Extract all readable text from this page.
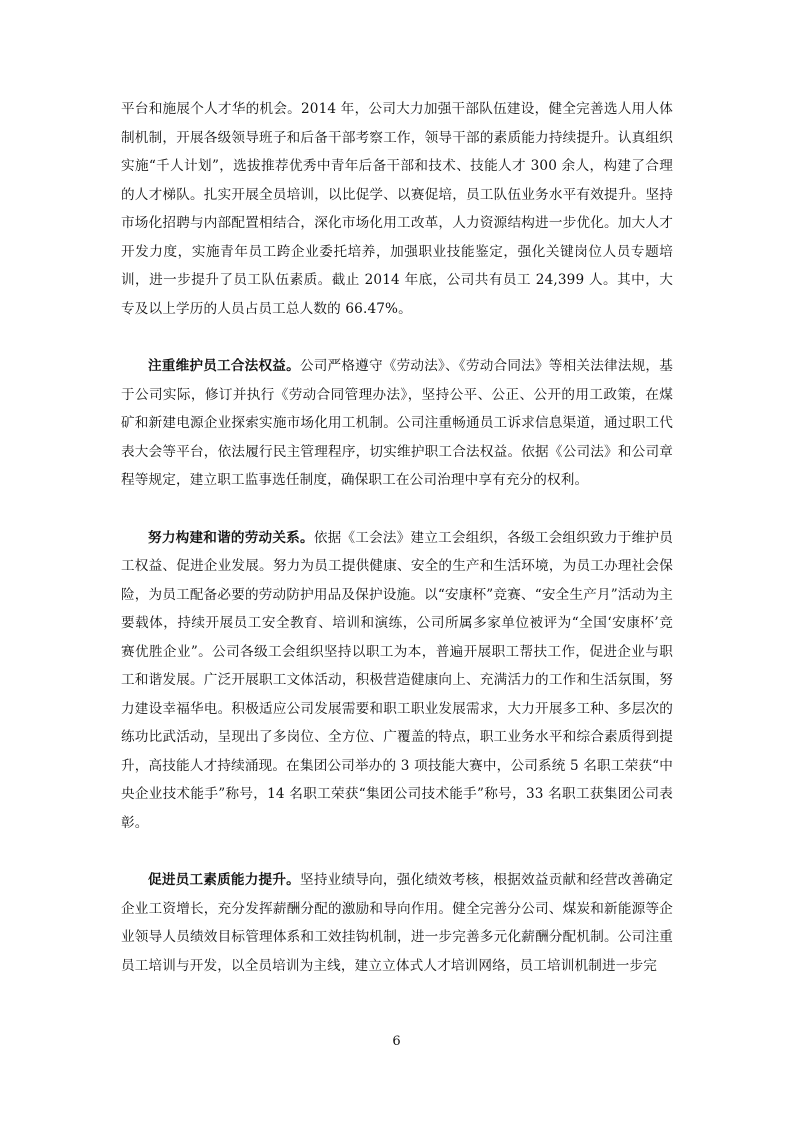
平台和施展个人才华的机会。2014 年，公司大力加强干部队伍建设，健全完善选人用人体制机制，开展各级领导班子和后备干部考察工作，领导干部的素质能力持续提升。认真组织实施“千人计划”，选拔推荐优秀中青年后备干部和技术、技能人才 300 余人，构建了合理的人才梯队。扎实开展全员培训，以比促学、以赛促培，员工队伍业务水平有效提升。坚持市场化招聘与内部配置相结合，深化市场化用工改革，人力资源结构进一步优化。加大人才开发力度，实施青年员工跨企业委托培养，加强职业技能鉴定，强化关键岗位人员专题培训，进一步提升了员工队伍素质。截止 2014 年底，公司共有员工 24,399 人。其中，大专及以上学历的人员占员工总人数的 66.47%。

注重维护员工合法权益。公司严格遵守《劳动法》、《劳动合同法》等相关法律法规，基于公司实际，修订并执行《劳动合同管理办法》，坚持公平、公正、公开的用工政策，在煤矿和新建电源企业探索实施市场化用工机制。公司注重畅通员工诉求信息渠道，通过职工代表大会等平台，依法履行民主管理程序，切实维护职工合法权益。依据《公司法》和公司章程等规定，建立职工监事选任制度，确保职工在公司治理中享有充分的权利。

努力构建和谐的劳动关系。依据《工会法》建立工会组织，各级工会组织致力于维护员工权益、促进企业发展。努力为员工提供健康、安全的生产和生活环境，为员工办理社会保险，为员工配备必要的劳动防护用品及保护设施。以“安康杯”竞赛、“安全生产月”活动为主要载体，持续开展员工安全教育、培训和演练，公司所属多家单位被评为“全国‘安康杯’竞赛优胜企业”。公司各级工会组织坚持以职工为本，普遍开展职工帮扶工作，促进企业与职工和谐发展。广泛开展职工文体活动，积极营造健康向上、充满活力的工作和生活氛围，努力建设幸福华电。积极适应公司发展需要和职工职业发展需求，大力开展多工种、多层次的练功比武活动，呈现出了多岗位、全方位、广覆盖的特点，职工业务水平和综合素质得到提升，高技能人才持续涌现。在集团公司举办的 3 项技能大赛中，公司系统 5 名职工荣获“中央企业技术能手”称号，14 名职工荣获“集团公司技术能手”称号，33 名职工获集团公司表彰。

促进员工素质能力提升。坚持业绩导向，强化绩效考核，根据效益贡献和经营改善确定企业工资增长，充分发挥薪酬分配的激励和导向作用。健全完善分公司、煤炭和新能源等企业领导人员绩效目标管理体系和工效挂钩机制，进一步完善多元化薪酬分配机制。公司注重员工培训与开发，以全员培训为主线，建立立体式人才培训网络，员工培训机制进一步完

6
